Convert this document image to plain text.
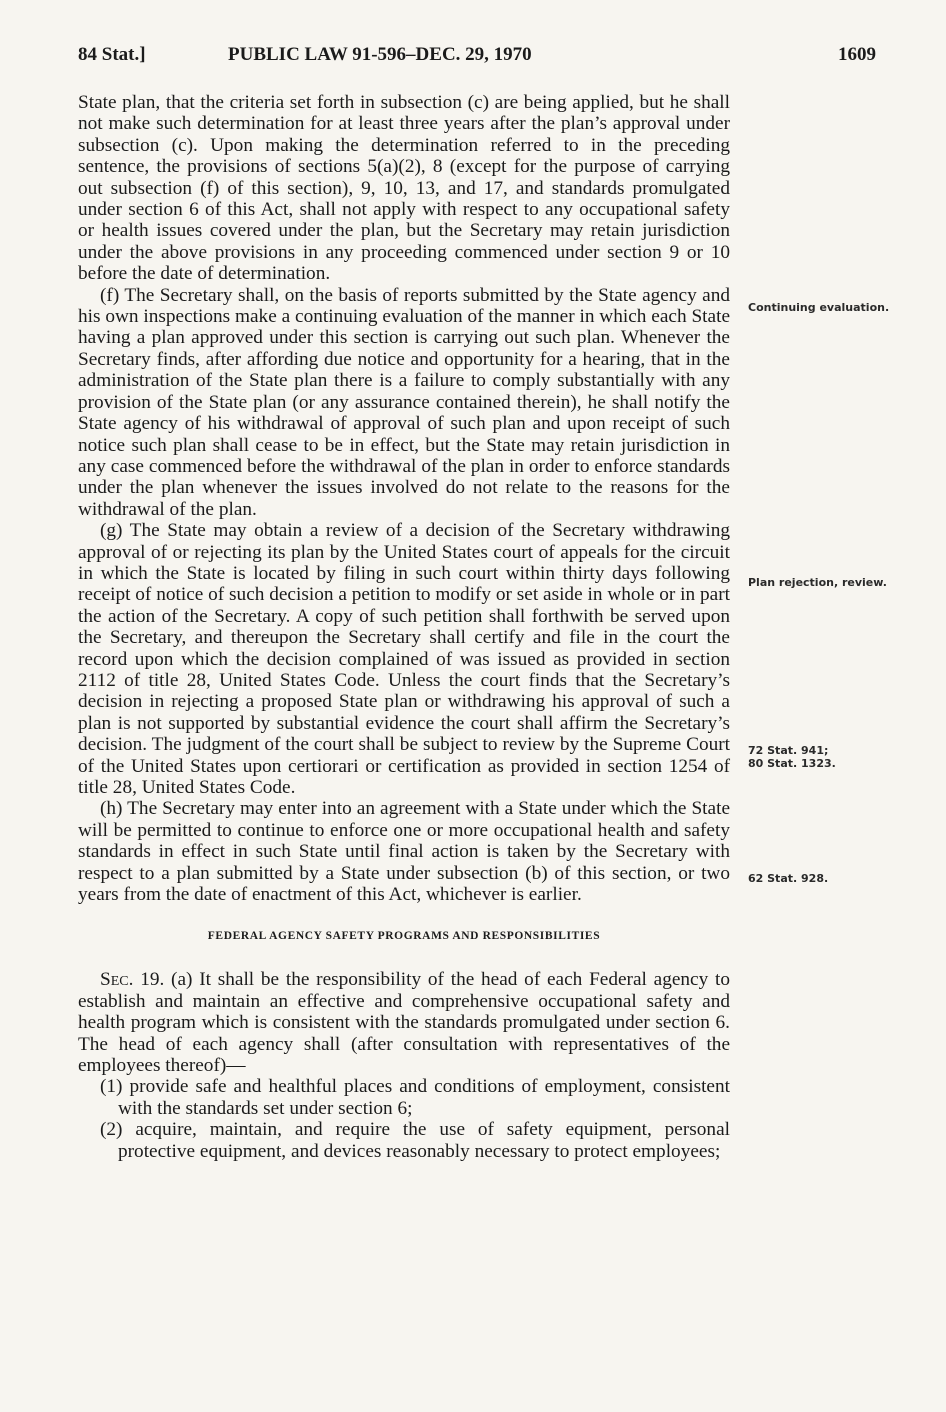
84 Stat.]	PUBLIC LAW 91-596–DEC. 29, 1970	1609

State plan, that the criteria set forth in subsection (c) are being applied, but he shall not make such determination for at least three years after the plan’s approval under subsection (c). Upon making the determination referred to in the preceding sentence, the provisions of sections 5(a)(2), 8 (except for the purpose of carrying out subsection (f) of this section), 9, 10, 13, and 17, and standards promulgated under section 6 of this Act, shall not apply with respect to any occupational safety or health issues covered under the plan, but the Secretary may retain jurisdiction under the above provisions in any proceeding commenced under section 9 or 10 before the date of determination.

(f) The Secretary shall, on the basis of reports submitted by the State agency and his own inspections make a continuing evaluation of the manner in which each State having a plan approved under this section is carrying out such plan. Whenever the Secretary finds, after affording due notice and opportunity for a hearing, that in the administration of the State plan there is a failure to comply substantially with any provision of the State plan (or any assurance contained therein), he shall notify the State agency of his withdrawal of approval of such plan and upon receipt of such notice such plan shall cease to be in effect, but the State may retain jurisdiction in any case commenced before the withdrawal of the plan in order to enforce standards under the plan whenever the issues involved do not relate to the reasons for the withdrawal of the plan.

(g) The State may obtain a review of a decision of the Secretary withdrawing approval of or rejecting its plan by the United States court of appeals for the circuit in which the State is located by filing in such court within thirty days following receipt of notice of such decision a petition to modify or set aside in whole or in part the action of the Secretary. A copy of such petition shall forthwith be served upon the Secretary, and thereupon the Secretary shall certify and file in the court the record upon which the decision complained of was issued as provided in section 2112 of title 28, United States Code. Unless the court finds that the Secretary’s decision in rejecting a proposed State plan or withdrawing his approval of such a plan is not supported by substantial evidence the court shall affirm the Secretary’s decision. The judgment of the court shall be subject to review by the Supreme Court of the United States upon certiorari or certification as provided in section 1254 of title 28, United States Code.

(h) The Secretary may enter into an agreement with a State under which the State will be permitted to continue to enforce one or more occupational health and safety standards in effect in such State until final action is taken by the Secretary with respect to a plan submitted by a State under subsection (b) of this section, or two years from the date of enactment of this Act, whichever is earlier.

FEDERAL AGENCY SAFETY PROGRAMS AND RESPONSIBILITIES

Sec. 19. (a) It shall be the responsibility of the head of each Federal agency to establish and maintain an effective and comprehensive occupational safety and health program which is consistent with the standards promulgated under section 6. The head of each agency shall (after consultation with representatives of the employees thereof)—

(1) provide safe and healthful places and conditions of employment, consistent with the standards set under section 6;

(2) acquire, maintain, and require the use of safety equipment, personal protective equipment, and devices reasonably necessary to protect employees;

Continuing evaluation.
Plan rejection, review.
72 Stat. 941;
80 Stat. 1323.
62 Stat. 928.
